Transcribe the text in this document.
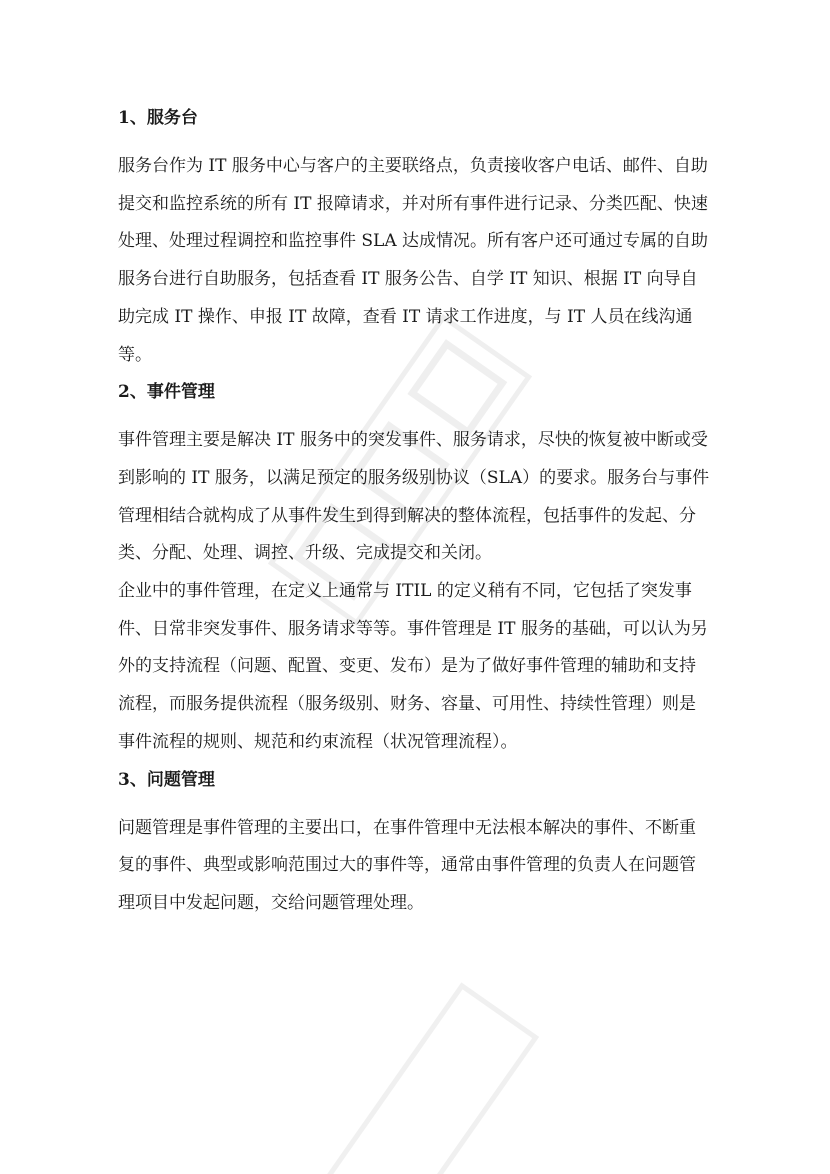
1、服务台

服务台作为 IT 服务中心与客户的主要联络点，负责接收客户电话、邮件、自助
提交和监控系统的所有 IT 报障请求，并对所有事件进行记录、分类匹配、快速
处理、处理过程调控和监控事件 SLA 达成情况。所有客户还可通过专属的自助
服务台进行自助服务，包括查看 IT 服务公告、自学 IT 知识、根据 IT 向导自
助完成 IT 操作、申报 IT 故障，查看 IT 请求工作进度，与 IT 人员在线沟通
等。

2、事件管理

事件管理主要是解决 IT 服务中的突发事件、服务请求，尽快的恢复被中断或受
到影响的 IT 服务，以满足预定的服务级别协议（SLA）的要求。服务台与事件
管理相结合就构成了从事件发生到得到解决的整体流程，包括事件的发起、分
类、分配、处理、调控、升级、完成提交和关闭。

企业中的事件管理，在定义上通常与 ITIL 的定义稍有不同，它包括了突发事
件、日常非突发事件、服务请求等等。事件管理是 IT 服务的基础，可以认为另
外的支持流程（问题、配置、变更、发布）是为了做好事件管理的辅助和支持
流程，而服务提供流程（服务级别、财务、容量、可用性、持续性管理）则是
事件流程的规则、规范和约束流程（状况管理流程）。

3、问题管理

问题管理是事件管理的主要出口，在事件管理中无法根本解决的事件、不断重
复的事件、典型或影响范围过大的事件等，通常由事件管理的负责人在问题管
理项目中发起问题，交给问题管理处理。
